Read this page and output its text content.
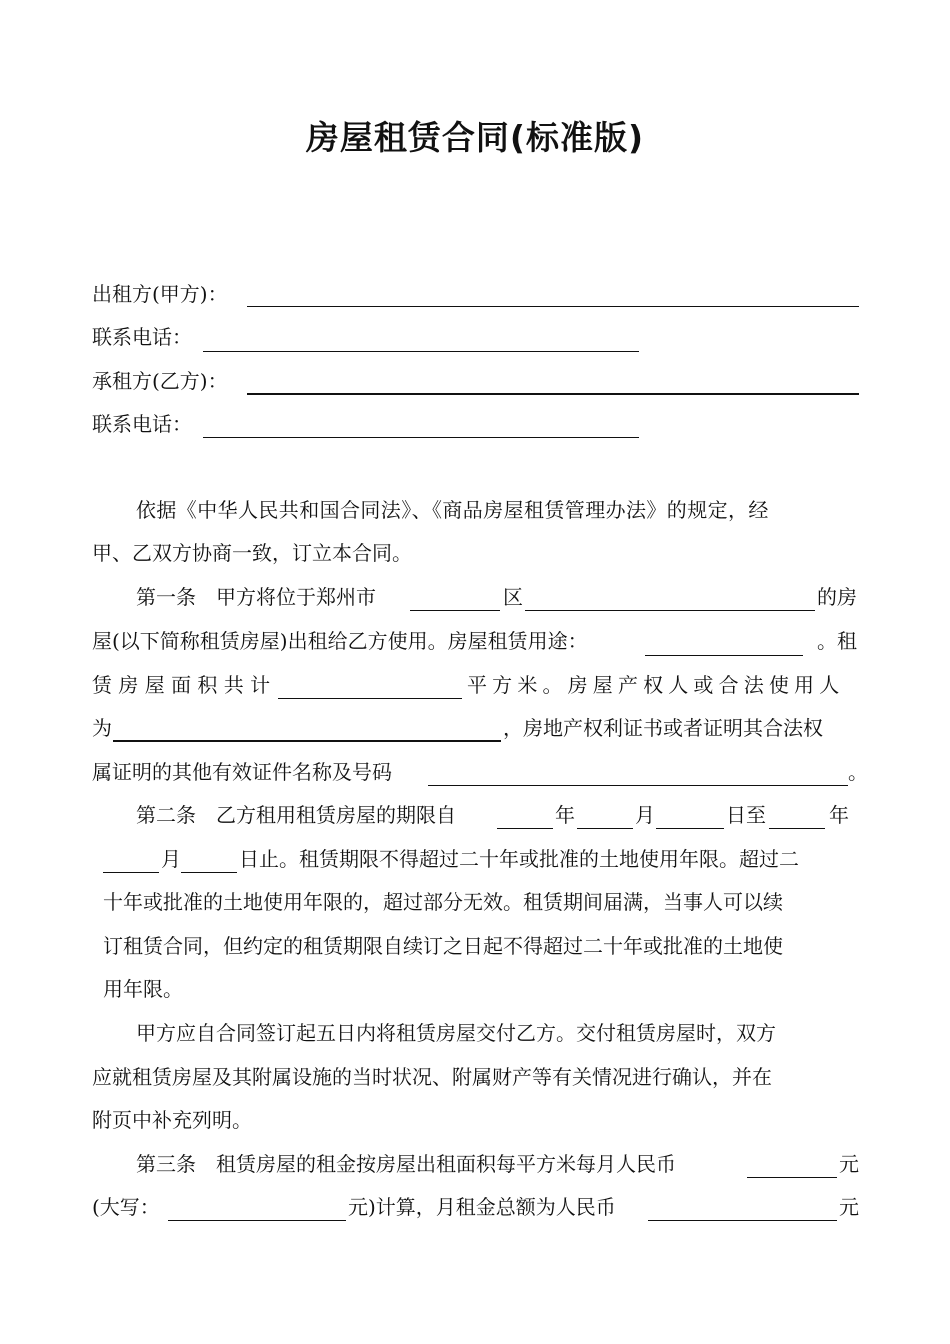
房屋租赁合同(标准版)
出租方(甲方)：
联系电话：
承租方(乙方)：
联系电话：
依据《中华人民共和国合同法》、《商品房屋租赁管理办法》的规定，经
甲、乙双方协商一致，订立本合同。
第一条　甲方将位于郑州市	区	的房
屋(以下简称租赁房屋)出租给乙方使用。房屋租赁用途：	。租
赁 房 屋 面 积 共 计	平 方 米 。 房 屋 产 权 人 或 合 法 使 用 人
为	，房地产权利证书或者证明其合法权
属证明的其他有效证件名称及号码	。
第二条　乙方租用租赁房屋的期限自	年	月	日至	年
月	日止。租赁期限不得超过二十年或批准的土地使用年限。超过二
十年或批准的土地使用年限的，超过部分无效。租赁期间届满，当事人可以续
订租赁合同，但约定的租赁期限自续订之日起不得超过二十年或批准的土地使
用年限。
甲方应自合同签订起五日内将租赁房屋交付乙方。交付租赁房屋时，双方
应就租赁房屋及其附属设施的当时状况、附属财产等有关情况进行确认，并在
附页中补充列明。
第三条　租赁房屋的租金按房屋出租面积每平方米每月人民币	元
(大写：	元)计算，月租金总额为人民币	元
